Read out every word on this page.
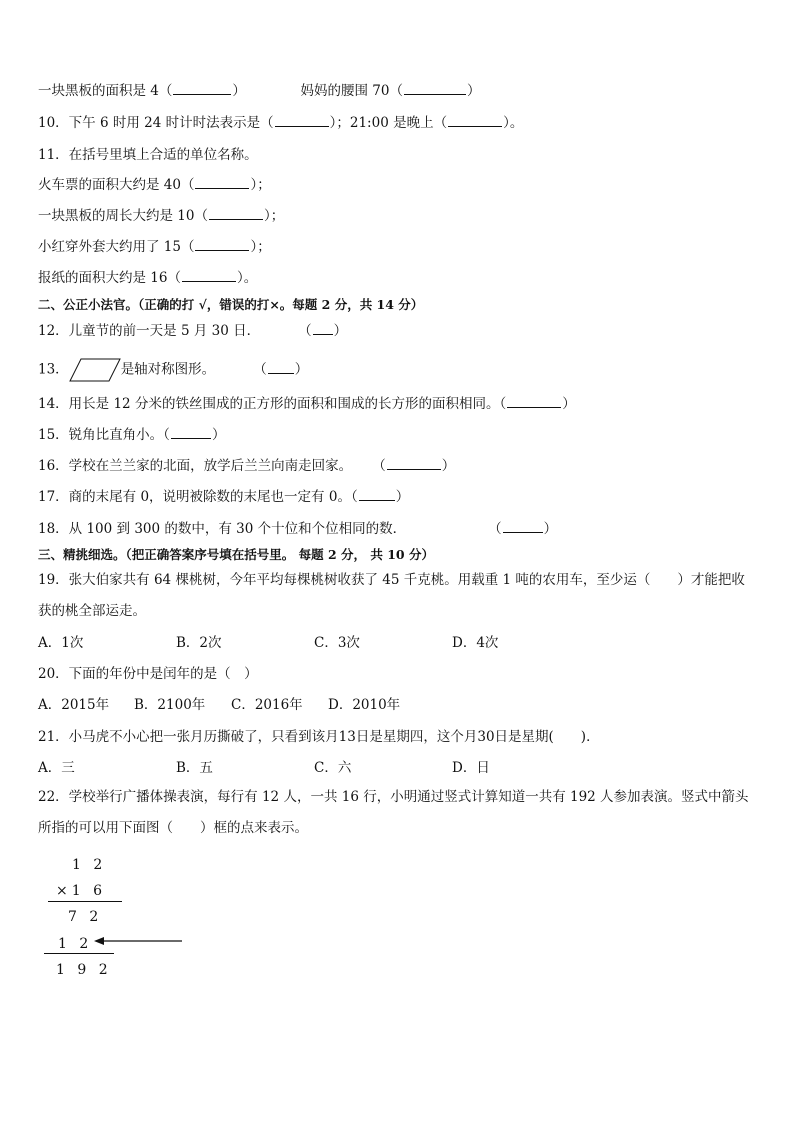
一块黑板的面积是 4（	）	妈妈的腰围 70（	）
10．下午 6 时用 24 时计时法表示是（	）；21:00 是晚上（	）。
11．在括号里填上合适的单位名称。
火车票的面积大约是 40（	）；
一块黑板的周长大约是 10（	）；
小红穿外套大约用了 15（	）；
报纸的面积大约是 16（	）。
二、公正小法官。（正确的打 √，错误的打×。每题 2 分，共 14 分）
12．儿童节的前一天是 5 月 30 日．	（ ）
13．	是轴对称图形。	（ ）
14．用长是 12 分米的铁丝围成的正方形的面积和围成的长方形的面积相同。（	）
15．锐角比直角小。（	）
16．学校在兰兰家的北面，放学后兰兰向南走回家。 （	）
17．商的末尾有 0，说明被除数的末尾也一定有 0。（	）
18．从 100 到 300 的数中，有 30 个十位和个位相同的数．	（	）
三、精挑细选。（把正确答案序号填在括号里。 每题 2 分， 共 10 分）
19．张大伯家共有 64 棵桃树，今年平均每棵桃树收获了 45 千克桃。用载重 1 吨的农用车，至少运（　　）才能把收获的桃全部运走。
A．1次	B．2次	C．3次	D．4次
20．下面的年份中是闰年的是（　）
A．2015年 B．2100年 C．2016年 D．2010年
21．小马虎不小心把一张月历撕破了，只看到该月13日是星期四，这个月30日是星期(　　)．
A．三	B．五	C．六	D．日
22．学校举行广播体操表演，每行有 12 人，一共 16 行，小明通过竖式计算知道一共有 192 人参加表演。竖式中箭头所指的可以用下面图（　　）框的点来表示。
1 2
×1 6
7 2
1 2
1 9 2
